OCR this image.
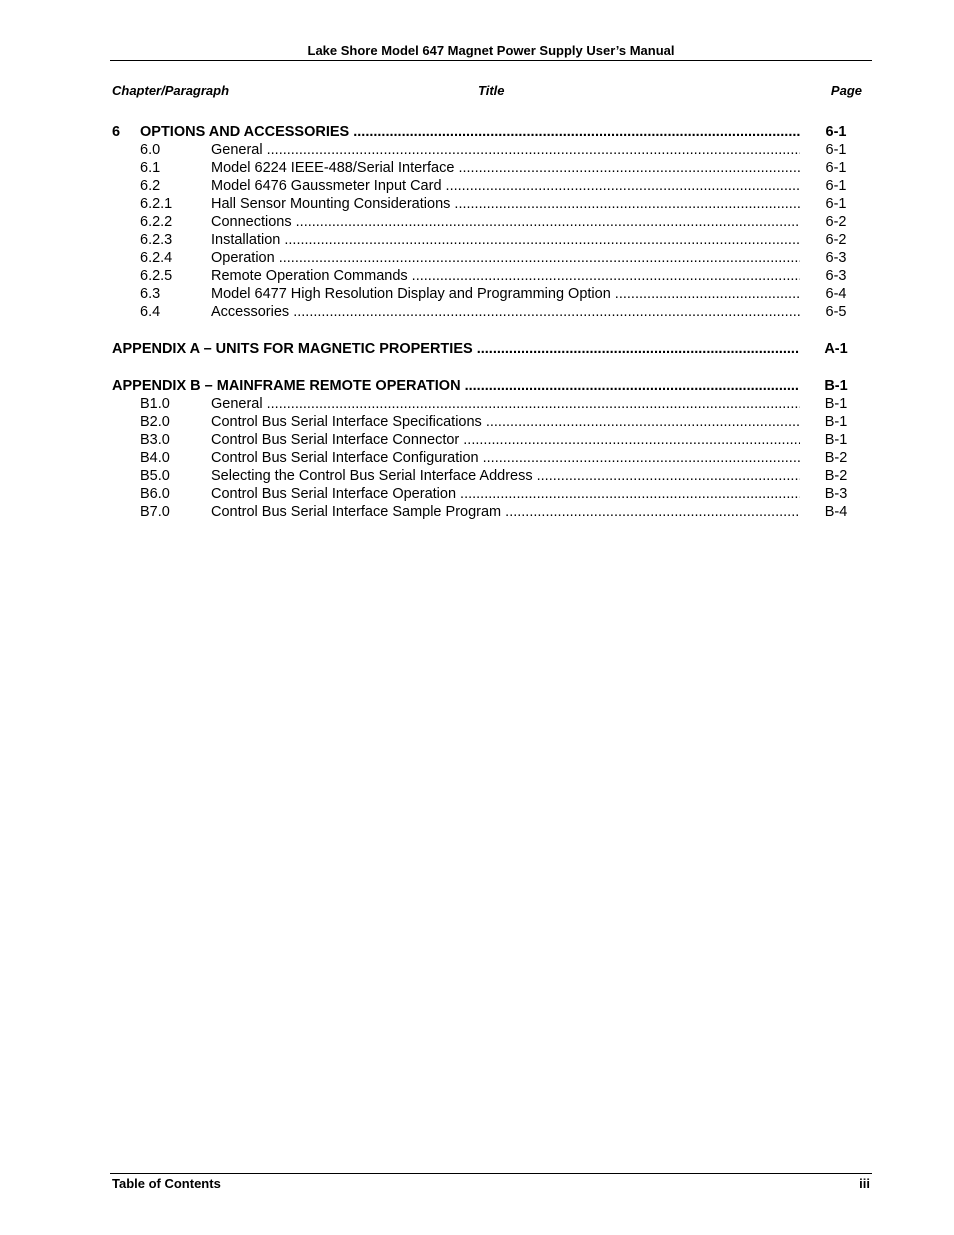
Lake Shore Model 647 Magnet Power Supply User’s Manual
Chapter/Paragraph	Title	Page
6 OPTIONS AND ACCESSORIES .....	6-1
6.0	General .....	6-1
6.1	Model 6224 IEEE-488/Serial Interface .....	6-1
6.2	Model 6476 Gaussmeter Input Card .....	6-1
6.2.1	Hall Sensor Mounting Considerations .....	6-1
6.2.2	Connections .....	6-2
6.2.3	Installation .....	6-2
6.2.4	Operation .....	6-3
6.2.5	Remote Operation Commands .....	6-3
6.3	Model 6477 High Resolution Display and Programming Option .....	6-4
6.4	Accessories .....	6-5
APPENDIX A – UNITS FOR MAGNETIC PROPERTIES .....	A-1
APPENDIX B – MAINFRAME REMOTE OPERATION .....	B-1
B1.0	General .....	B-1
B2.0	Control Bus Serial Interface Specifications .....	B-1
B3.0	Control Bus Serial Interface Connector .....	B-1
B4.0	Control Bus Serial Interface Configuration .....	B-2
B5.0	Selecting the Control Bus Serial Interface Address .....	B-2
B6.0	Control Bus Serial Interface Operation .....	B-3
B7.0	Control Bus Serial Interface Sample Program .....	B-4
Table of Contents	iii
